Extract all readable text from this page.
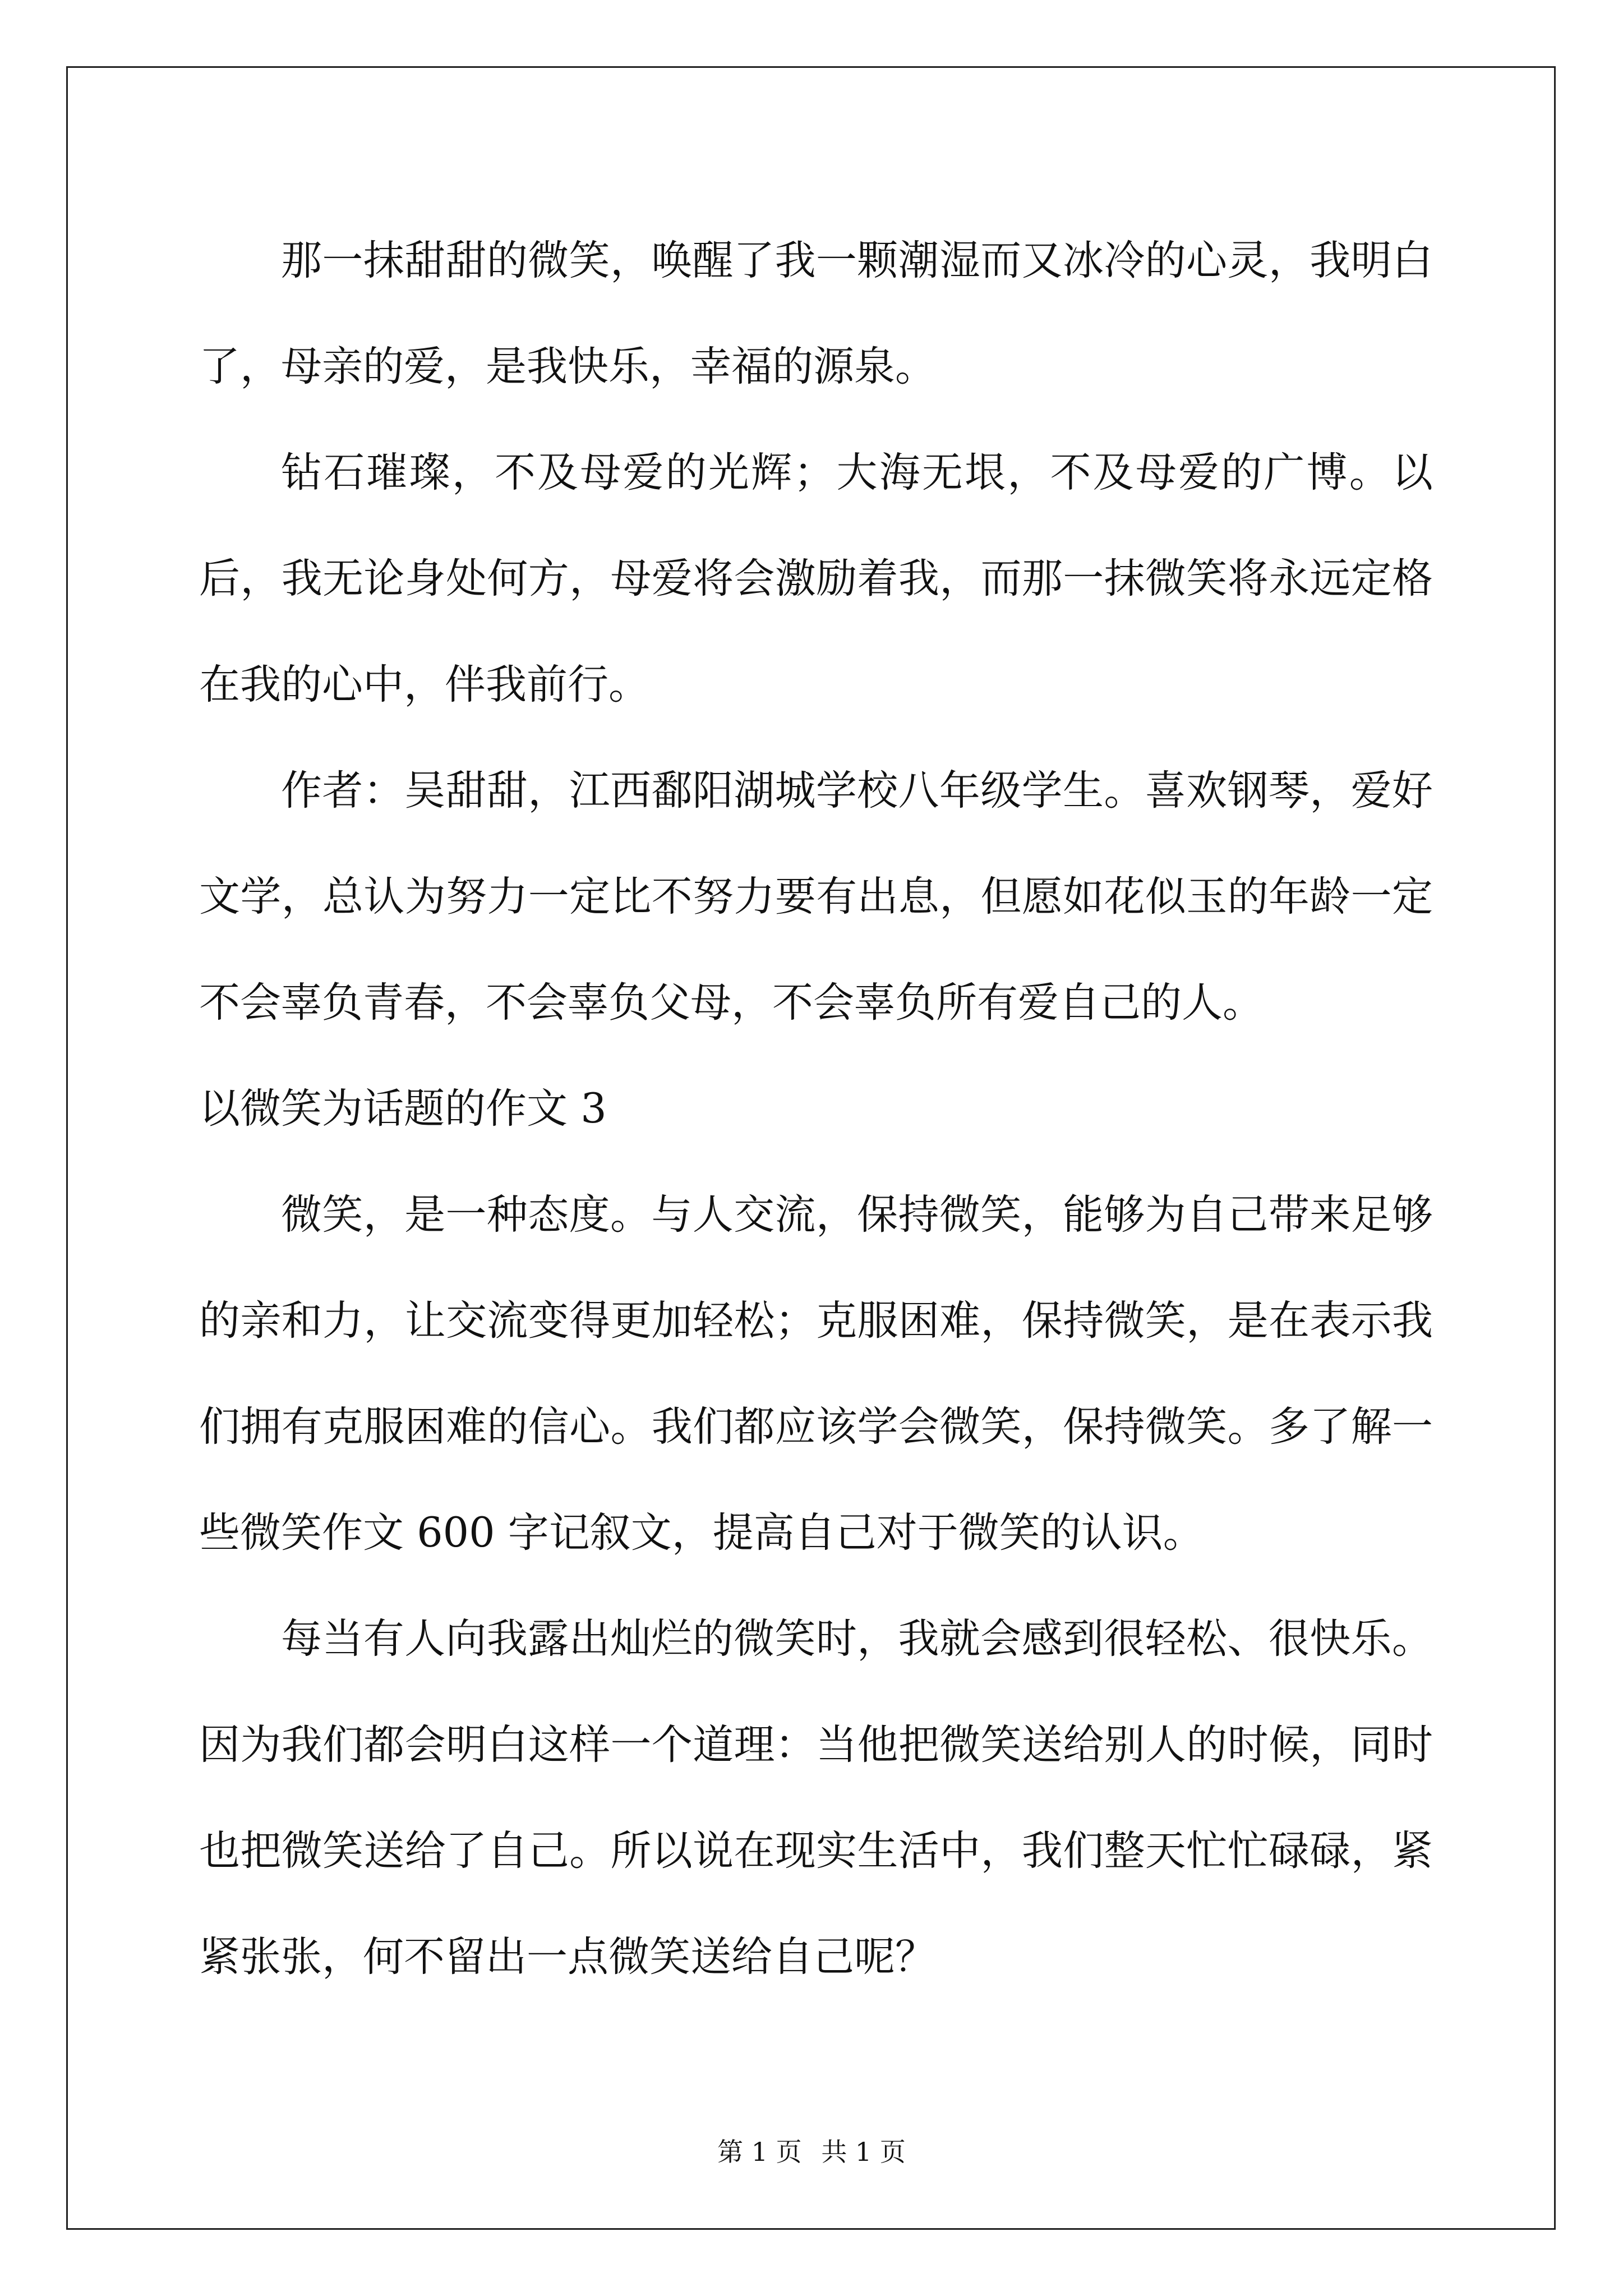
那一抹甜甜的微笑，唤醒了我一颗潮湿而又冰冷的心灵，我明白了，母亲的爱，是我快乐，幸福的源泉。

钻石璀璨，不及母爱的光辉；大海无垠，不及母爱的广博。以后，我无论身处何方，母爱将会激励着我，而那一抹微笑将永远定格在我的心中，伴我前行。

作者：吴甜甜，江西鄱阳湖城学校八年级学生。喜欢钢琴，爱好文学，总认为努力一定比不努力要有出息，但愿如花似玉的年龄一定不会辜负青春，不会辜负父母，不会辜负所有爱自己的人。

以微笑为话题的作文 3

微笑，是一种态度。与人交流，保持微笑，能够为自己带来足够的亲和力，让交流变得更加轻松；克服困难，保持微笑，是在表示我们拥有克服困难的信心。我们都应该学会微笑，保持微笑。多了解一些微笑作文 600 字记叙文，提高自己对于微笑的认识。

每当有人向我露出灿烂的微笑时，我就会感到很轻松、很快乐。因为我们都会明白这样一个道理：当他把微笑送给别人的时候，同时也把微笑送给了自己。所以说在现实生活中，我们整天忙忙碌碌，紧紧张张，何不留出一点微笑送给自己呢？

第 1 页 共 1 页
